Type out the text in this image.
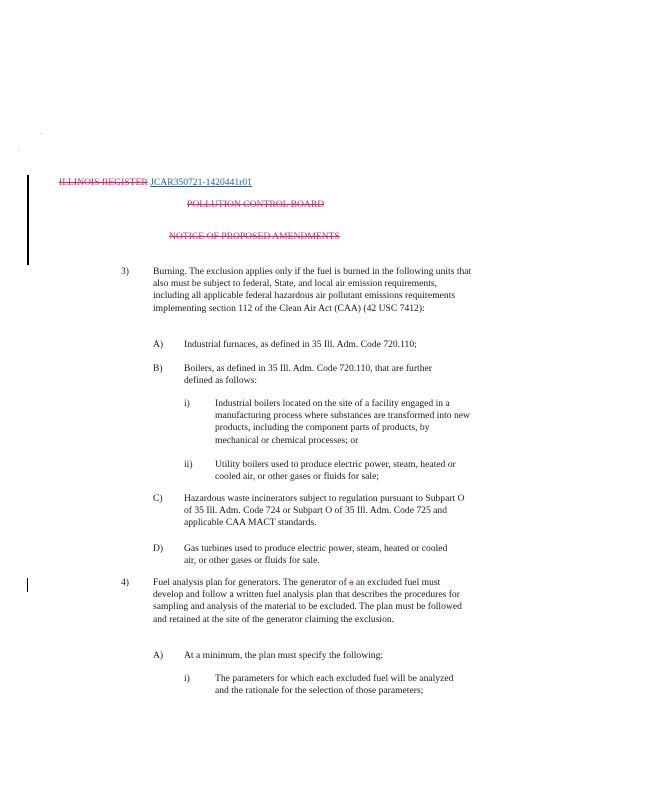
ILLINOIS REGISTER JCAR350721-1420441r01
POLLUTION CONTROL BOARD
NOTICE OF PROPOSED AMENDMENTS
3)	Burning. The exclusion applies only if the fuel is burned in the following units that also must be subject to federal, State, and local air emission requirements, including all applicable federal hazardous air pollutant emissions requirements implementing section 112 of the Clean Air Act (CAA) (42 USC 7412):
A) Industrial furnaces, as defined in 35 Ill. Adm. Code 720.110;
B) Boilers, as defined in 35 Ill. Adm. Code 720.110, that are further defined as follows:
i)	Industrial boilers located on the site of a facility engaged in a manufacturing process where substances are transformed into new products, including the component parts of products, by mechanical or chemical processes; or
ii) Utility boilers used to produce electric power, steam, heated or cooled air, or other gases or fluids for sale;
C) Hazardous waste incinerators subject to regulation pursuant to Subpart O of 35 Ill. Adm. Code 724 or Subpart O of 35 Ill. Adm. Code 725 and applicable CAA MACT standards.
D) Gas turbines used to produce electric power, steam, heated or cooled air, or other gases or fluids for sale.
4)	Fuel analysis plan for generators. The generator of a an excluded fuel must develop and follow a written fuel analysis plan that describes the procedures for sampling and analysis of the material to be excluded. The plan must be followed and retained at the site of the generator claiming the exclusion.
A) At a minimum, the plan must specify the following:
i)	The parameters for which each excluded fuel will be analyzed and the rationale for the selection of those parameters;
